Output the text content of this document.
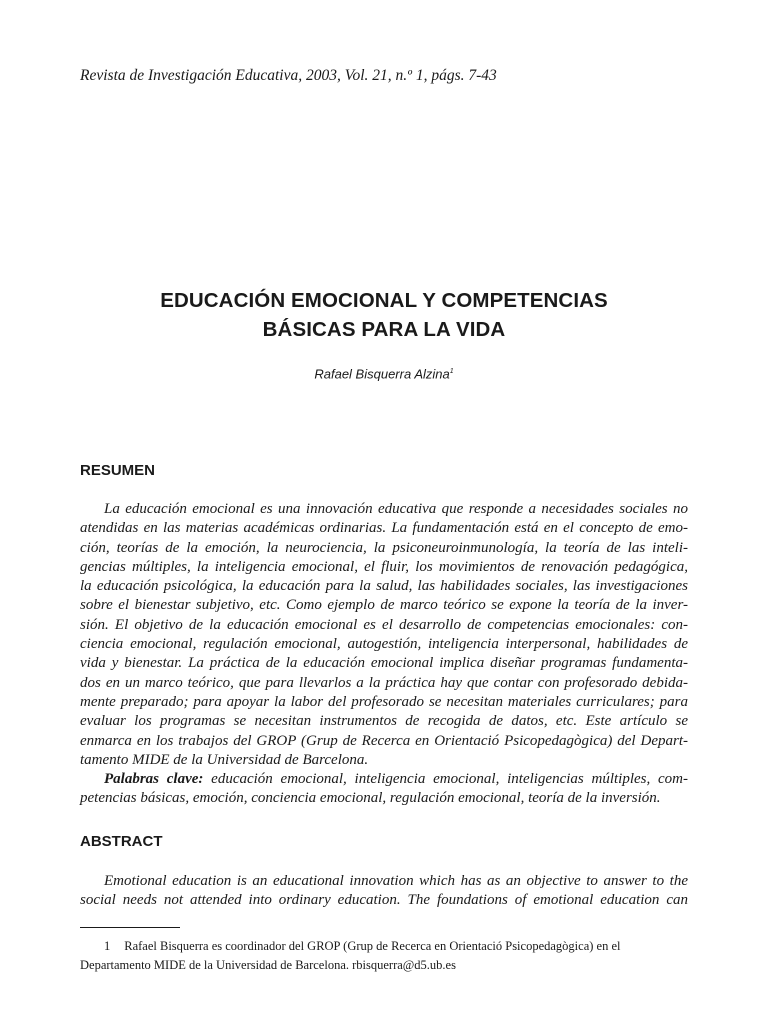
Revista de Investigación Educativa, 2003, Vol. 21, n.º 1, págs. 7-43
EDUCACIÓN EMOCIONAL Y COMPETENCIAS
BÁSICAS PARA LA VIDA
Rafael Bisquerra Alzina$^1$
RESUMEN
La educación emocional es una innovación educativa que responde a necesidades sociales no
atendidas en las materias académicas ordinarias. La fundamentación está en el concepto de emo-
ción, teorías de la emoción, la neurociencia, la psiconeuroinmunología, la teoría de las inteli-
gencias múltiples, la inteligencia emocional, el fluir, los movimientos de renovación pedagógica,
la educación psicológica, la educación para la salud, las habilidades sociales, las investigaciones
sobre el bienestar subjetivo, etc. Como ejemplo de marco teórico se expone la teoría de la inver-
sión. El objetivo de la educación emocional es el desarrollo de competencias emocionales: con-
ciencia emocional, regulación emocional, autogestión, inteligencia interpersonal, habilidades de
vida y bienestar. La práctica de la educación emocional implica diseñar programas fundamenta-
dos en un marco teórico, que para llevarlos a la práctica hay que contar con profesorado debida-
mente preparado; para apoyar la labor del profesorado se necesitan materiales curriculares; para
evaluar los programas se necesitan instrumentos de recogida de datos, etc. Este artículo se
enmarca en los trabajos del GROP (Grup de Recerca en Orientació Psicopedagògica) del Depart-
tamento MIDE de la Universidad de Barcelona.
Palabras clave: educación emocional, inteligencia emocional, inteligencias múltiples, com-
petencias básicas, emoción, conciencia emocional, regulación emocional, teoría de la inversión.
ABSTRACT
Emotional education is an educational innovation which has as an objective to answer to the
social needs not attended into ordinary education. The foundations of emotional education can
1 Rafael Bisquerra es coordinador del GROP (Grup de Recerca en Orientació Psicopedagògica) en el
Departamento MIDE de la Universidad de Barcelona. rbisquerra@d5.ub.es
